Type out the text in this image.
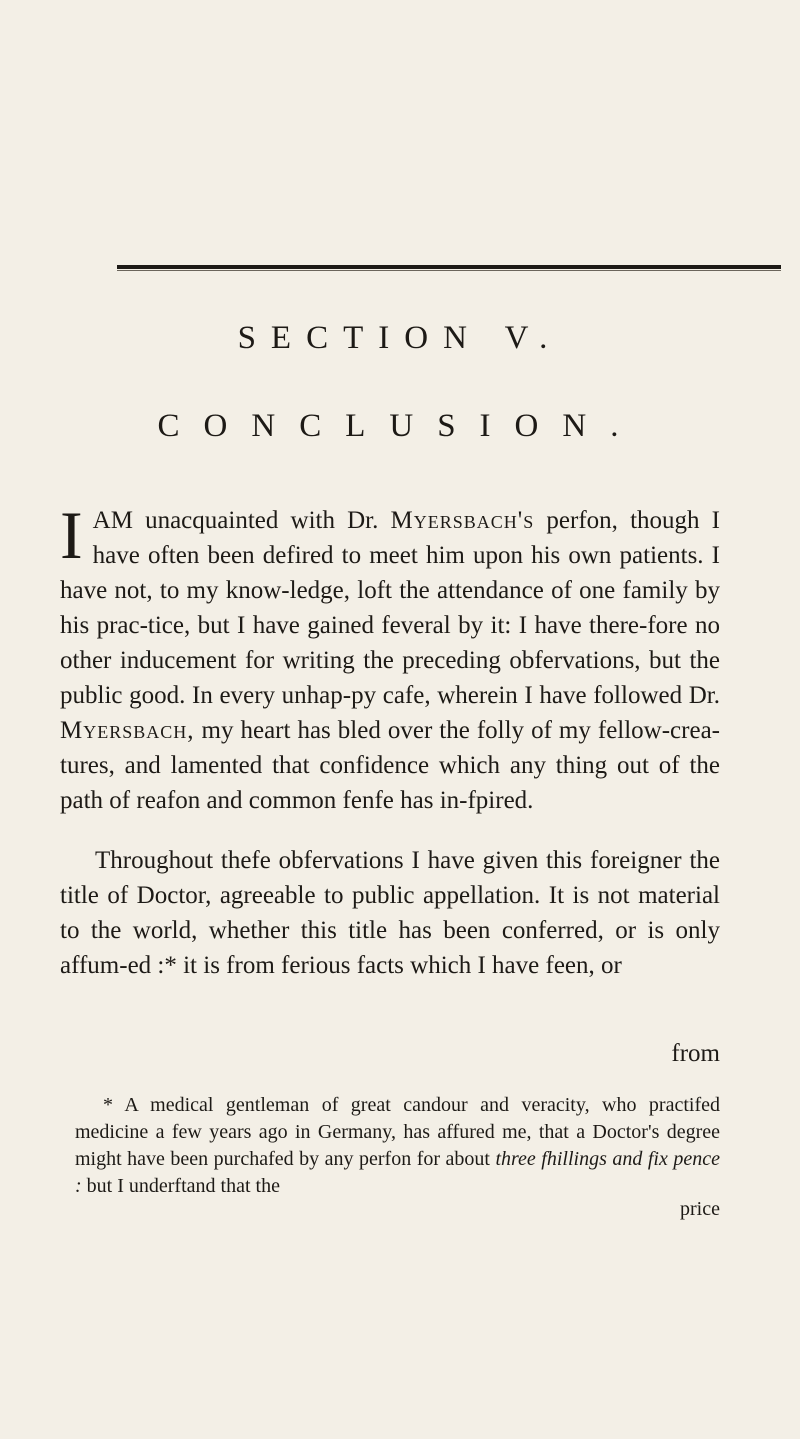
SECTION V.
CONCLUSION.

IAM unacquainted with Dr. Myersbach's perfon, though I have often been defired to meet him upon his own patients. I have not, to my know-ledge, loft the attendance of one family by his prac-tice, but I have gained feveral by it: I have there-fore no other inducement for writing the preceding obfervations, but the public good. In every unhap-py cafe, wherein I have followed Dr. Myersbach, my heart has bled over the folly of my fellow-crea-tures, and lamented that confidence which any thing out of the path of reafon and common fenfe has in-fpired.

Throughout thefe obfervations I have given this foreigner the title of Doctor, agreeable to public appellation. It is not material to the world, whether this title has been conferred, or is only affum-ed :* it is from ferious facts which I have feen, or

from

* A medical gentleman of great candour and veracity, who practifed medicine a few years ago in Germany, has affured me, that a Doctor's degree might have been purchafed by any perfon for about three fhillings and fix pence : but I underftand that the

price
